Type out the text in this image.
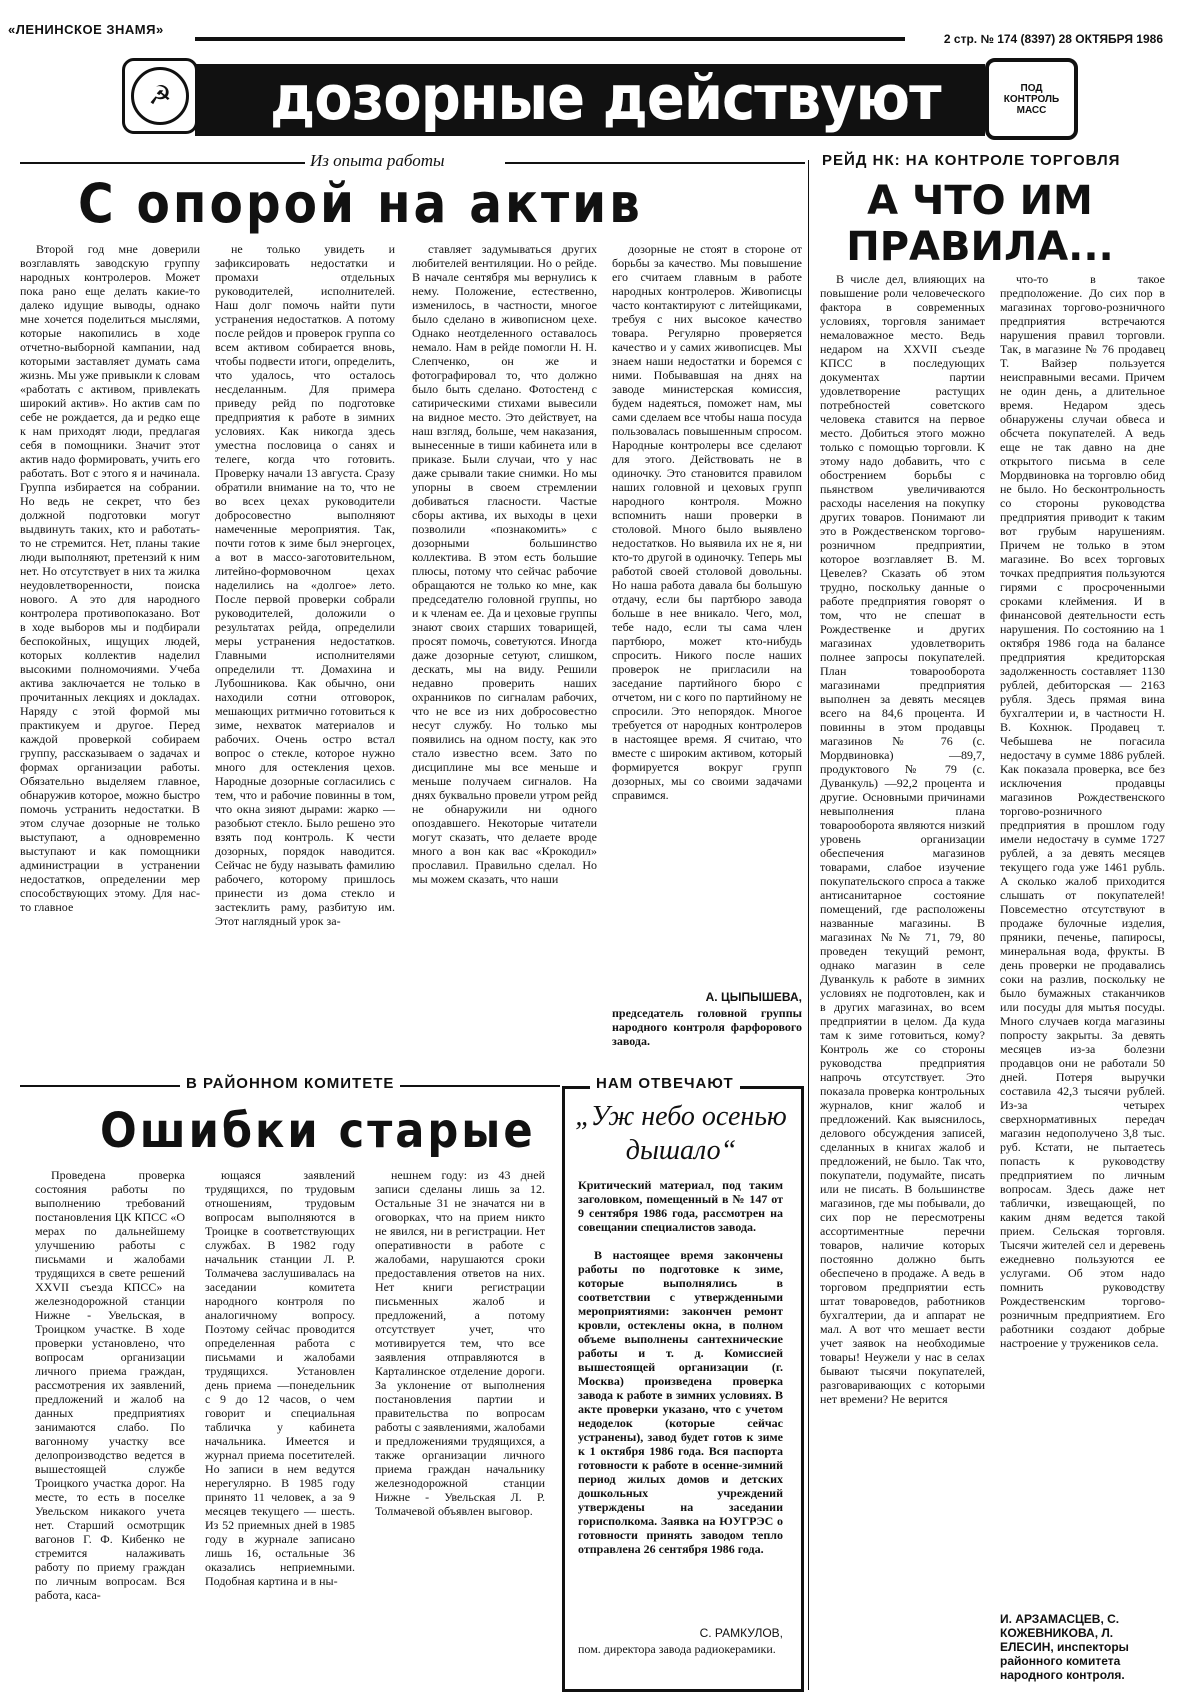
«ЛЕНИНСКОЕ ЗНАМЯ»
2 стр. № 174 (8397) 28 ОКТЯБРЯ 1986
дозорные действуют
☭	ПОД КОНТРОЛЬ МАСС
Из опыта работы
С опорой на актив

Второй год мне доверили возглавлять заводскую группу народных контролеров. Может пока рано еще делать какие-то далеко идущие выводы, однако мне хочется поделиться мыслями, которые накопились в ходе отчетно-выборной кампании, над которыми заставляет думать сама жизнь. Мы уже привыкли к словам «работать с активом, привлекать широкий актив». Но актив сам по себе не рождается, да и редко еще к нам приходят люди, предлагая себя в помощники. Значит этот актив надо формировать, учить его работать. Вот с этого я и начинала. Группа избирается на собрании. Но ведь не секрет, что без должной подготовки могут выдвинуть таких, кто и работать-то не стремится. Нет, планы такие люди выполняют, претензий к ним нет. Но отсутствует в них та жилка неудовлетворенности, поиска нового. А это для народного контролера противопоказано. Вот в ходе выборов мы и подбирали беспокойных, ищущих людей, которых коллектив наделил высокими полномочиями. Учеба актива заключается не только в прочитанных лекциях и докладах. Наряду с этой формой мы практикуем и другое. Перед каждой проверкой собираем группу, рассказываем о задачах и формах организации работы. Обязательно выделяем главное, обнаружив которое, можно быстро помочь устранить недостатки. В этом случае дозорные не только выступают, а одновременно выступают и как помощники администрации в устранении недостатков, определении мер способствующих этому. Для нас-то главное

не только увидеть и зафиксировать недостатки и промахи отдельных руководителей, исполнителей. Наш долг помочь найти пути устранения недостатков. А потому после рейдов и проверок группа со всем активом собирается вновь, чтобы подвести итоги, определить, что удалось, что осталось несделанным. Для примера приведу рейд по подготовке предприятия к работе в зимних условиях. Как никогда здесь уместна пословица о санях и телеге, когда что готовить. Проверку начали 13 августа. Сразу обратили внимание на то, что не во всех цехах руководители добросовестно выполняют намеченные мероприятия. Так, почти готов к зиме был энергоцех, а вот в массо-заготовительном, литейно-формовочном цехах наделились на «долгое» лето. После первой проверки собрали руководителей, доложили о результатах рейда, определили меры устранения недостатков. Главными исполнителями определили тт. Домахина и Лубошникова. Как обычно, они находили сотни отговорок, мешающих ритмично готовиться к зиме, нехваток материалов и рабочих. Очень остро встал вопрос о стекле, которое нужно много для остекления цехов. Народные дозорные согласились с тем, что и рабочие повинны в том, что окна зияют дырами: жарко — разобьют стекло. Было решено это взять под контроль. К чести дозорных, порядок наводится. Сейчас не буду называть фамилию рабочего, которому пришлось принести из дома стекло и застеклить раму, разбитую им. Этот наглядный урок за-

ставляет задумываться других любителей вентиляции. Но о рейде. В начале сентября мы вернулись к нему. Положение, естественно, изменилось, в частности, многое было сделано в живописном цехе. Однако неотделенного оставалось немало. Нам в рейде помогли Н. Н. Слепченко, он же и фотографировал то, что должно было быть сделано. Фотостенд с сатирическими стихами вывесили на видное место. Это действует, на наш взгляд, больше, чем наказания, вынесенные в тиши кабинета или в приказе. Были случаи, что у нас даже срывали такие снимки. Но мы упорны в своем стремлении добиваться гласности. Частые сборы актива, их выходы в цехи позволили «познакомить» с дозорными большинство коллектива. В этом есть большие плюсы, потому что сейчас рабочие обращаются не только ко мне, как председателю головной группы, но и к членам ее. Да и цеховые группы знают своих старших товарищей, просят помочь, советуются. Иногда даже дозорные сетуют, слишком, дескать, мы на виду. Решили недавно проверить наших охранников по сигналам рабочих, что не все из них добросовестно несут службу. Но только мы появились на одном посту, как это стало известно всем. Зато по дисциплине мы все меньше и меньше получаем сигналов. На днях буквально провели утром рейд не обнаружили ни одного опоздавшего. Некоторые читатели могут сказать, что делаете вроде много а вон как вас «Крокодил» прославил. Правильно сделал. Но мы можем сказать, что наши

дозорные не стоят в стороне от борьбы за качество. Мы повышение его считаем главным в работе народных контролеров. Живописцы часто контактируют с литейщиками, требуя с них высокое качество товара. Регулярно проверяется качество и у самих живописцев. Мы знаем наши недостатки и боремся с ними. Побывавшая на днях на заводе министерская комиссия, будем надеяться, поможет нам, мы сами сделаем все чтобы наша посуда пользовалась повышенным спросом. Народные контролеры все сделают для этого. Действовать не в одиночку. Это становится правилом наших головной и цеховых групп народного контроля. Можно вспомнить наши проверки в столовой. Много было выявлено недостатков. Но выявила их не я, ни кто-то другой в одиночку. Теперь мы работой своей столовой довольны. Но наша работа давала бы большую отдачу, если бы партбюро завода больше в нее вникало. Чего, мол, тебе надо, если ты сама член партбюро, может кто-нибудь спросить. Никого после наших проверок не пригласили на заседание партийного бюро с отчетом, ни с кого по партийному не спросили. Это непорядок. Многое требуется от народных контролеров в настоящее время. Я считаю, что вместе с широким активом, который формируется вокруг групп дозорных, мы со своими задачами справимся.

А. ЦЫПЫШЕВА,
председатель головной группы народного контроля фарфорового завода.
РЕЙД НК: НА КОНТРОЛЕ ТОРГОВЛЯ
А ЧТО ИМ ПРАВИЛА...

В числе дел, влияющих на повышение роли человеческого фактора в современных условиях, торговля занимает немаловажное место. Ведь недаром на XXVII съезде КПСС в последующих документах партии удовлетворение растущих потребностей советского человека ставится на первое место. Добиться этого можно только с помощью торговли. К этому надо добавить, что с обострением борьбы с пьянством увеличиваются расходы населения на покупку других товаров. Понимают ли это в Рождественском торгово-розничном предприятии, которое возглавляет В. М. Цевелев? Сказать об этом трудно, поскольку данные о работе предприятия говорят о том, что не спешат в Рождественке и других магазинах удовлетворить полнее запросы покупателей. План товарооборота магазинами предприятия выполнен за девять месяцев всего на 84,6 процента. И повинны в этом продавцы магазинов № 76 (с. Мордвиновка) —89,7, продуктового № 79 (с. Дуванкуль) —92,2 процента и другие. Основными причинами невыполнения плана товарооборота являются низкий уровень организации обеспечения магазинов товарами, слабое изучение покупательского спроса а также антисанитарное состояние помещений, где расположены названные магазины. В магазинах №№ 71, 79, 80 проведен текущий ремонт, однако магазин в селе Дуванкуль к работе в зимних условиях не подготовлен, как и в других магазинах, во всем предприятии в целом. Да куда там к зиме готовиться, кому? Контроль же со стороны руководства предприятия напрочь отсутствует. Это показала проверка контрольных журналов, книг жалоб и предложений. Как выяснилось, делового обсуждения записей, сделанных в книгах жалоб и предложений, не было. Так что, покупатели, подумайте, писать или не писать. В большинстве магазинов, где мы побывали, до сих пор не пересмотрены ассортиментные перечни товаров, наличие которых постоянно должно быть обеспечено в продаже. А ведь в торговом предприятии есть штат товароведов, работников бухгалтерии, да и аппарат не мал. А вот что мешает вести учет заявок на необходимые товары! Неужели у нас в селах бывают тысячи покупателей, разговаривающих с которыми нет времени? Не верится

что-то в такое предположение. До сих пор в магазинах торгово-розничного предприятия встречаются нарушения правил торговли. Так, в магазине № 76 продавец Т. Вайзер пользуется неисправными весами. Причем не один день, а длительное время. Недаром здесь обнаружены случаи обвеса и обсчета покупателей. А ведь еще не так давно на дне открытого письма в селе Мордвиновка на торговлю обид не было. Но бесконтрольность со стороны руководства предприятия приводит к таким вот грубым нарушениям. Причем не только в этом магазине. Во всех торговых точках предприятия пользуются гирями с просроченными сроками клеймения. И в финансовой деятельности есть нарушения. По состоянию на 1 октября 1986 года на балансе предприятия кредиторская задолженность составляет 1130 рублей, дебиторская — 2163 рубля. Здесь прямая вина бухгалтерии и, в частности Н. В. Кохнюк. Продавец т. Чебышева не погасила недостачу в сумме 1886 рублей. Как показала проверка, все без исключения продавцы магазинов Рождественского торгово-розничного предприятия в прошлом году имели недостачу в сумме 1727 рублей, а за девять месяцев текущего года уже 1461 рубль. А сколько жалоб приходится слышать от покупателей! Повсеместно отсутствуют в продаже булочные изделия, пряники, печенье, папиросы, минеральная вода, фрукты. В день проверки не продавались соки на разлив, поскольку не было бумажных стаканчиков или посуды для мытья посуды. Много случаев когда магазины попросту закрыты. За девять месяцев из-за болезни продавцов они не работали 50 дней. Потеря выручки составила 42,3 тысячи рублей. Из-за четырех сверхнормативных передач магазин недополучено 3,8 тыс. руб. Кстати, не пытаетесь попасть к руководству предприятием по личным вопросам. Здесь даже нет таблички, извещающей, по каким дням ведется такой прием. Сельская торговля. Тысячи жителей сел и деревень ежедневно пользуются ее услугами. Об этом надо помнить руководству Рождественским торгово-розничным предприятием. Его работники создают добрые настроение у тружеников села.

И. АРЗАМАСЦЕВ, С. КОЖЕВНИКОВА, Л. ЕЛЕСИН, инспекторы районного комитета народного контроля.
В РАЙОННОМ КОМИТЕТЕ
Ошибки старые

Проведена проверка состояния работы по выполнению требований постановления ЦК КПСС «О мерах по дальнейшему улучшению работы с письмами и жалобами трудящихся в свете решений XXVII съезда КПСС» на железнодорожной станции Нижне - Увельская, в Троицком участке. В ходе проверки установлено, что вопросам организации личного приема граждан, рассмотрения их заявлений, предложений и жалоб на данных предприятиях занимаются слабо. По вагонному участку все делопроизводство ведется в вышестоящей службе Троицкого участка дорог. На месте, то есть в поселке Увельском никакого учета нет. Старший осмотрщик вагонов Г. Ф. Кибенко не стремится налаживать работу по приему граждан по личным вопросам. Вся работа, каса-

ющаяся заявлений трудящихся, по трудовым отношениям, трудовым вопросам выполняются в Троицке в соответствующих службах. В 1982 году начальник станции Л. Р. Толмачева заслушивалась на заседании комитета народного контроля по аналогичному вопросу. Поэтому сейчас проводится определенная работа с письмами и жалобами трудящихся. Установлен день приема —понедельник с 9 до 12 часов, о чем говорит и специальная табличка у кабинета начальника. Имеется и журнал приема посетителей. Но записи в нем ведутся нерегулярно. В 1985 году принято 11 человек, а за 9 месяцев текущего — шесть. Из 52 приемных дней в 1985 году в журнале записано лишь 16, остальные 36 оказались неприемными. Подобная картина и в ны-

нешнем году: из 43 дней записи сделаны лишь за 12. Остальные 31 не значатся ни в оговорках, что на прием никто не явился, ни в регистрации. Нет оперативности в работе с жалобами, нарушаются сроки предоставления ответов на них. Нет книги регистрации письменных жалоб и предложений, а потому отсутствует учет, что мотивируется тем, что все заявления отправляются в Карталинское отделение дороги. За уклонение от выполнения постановления партии и правительства по вопросам работы с заявлениями, жалобами и предложениями трудящихся, а также организации личного приема граждан начальнику железнодорожной станции Нижне - Увельская Л. Р. Толмачевой объявлен выговор.

НАМ ОТВЕЧАЮТ
„Уж небо осенью дышало“
Критический материал, под таким заголовком, помещенный в № 147 от 9 сентября 1986 года, рассмотрен на совещании специалистов завода.

В настоящее время закончены работы по подготовке к зиме, которые выполнялись в соответствии с утвержденными мероприятиями: закончен ремонт кровли, остеклены окна, в полном объеме выполнены сантехнические работы и т. д. Комиссией вышестоящей организации (г. Москва) произведена проверка завода к работе в зимних условиях. В акте проверки указано, что с учетом недоделок (которые сейчас устранены), завод будет готов к зиме к 1 октября 1986 года. Вся паспорта готовности к работе в осенне-зимний период жилых домов и детских дошкольных учреждений утверждены на заседании горисполкома. Заявка на ЮУГРЭС о готовности принять заводом тепло отправлена 26 сентября 1986 года.

С. РАМКУЛОВ,
пом. директора завода радиокерамики.
